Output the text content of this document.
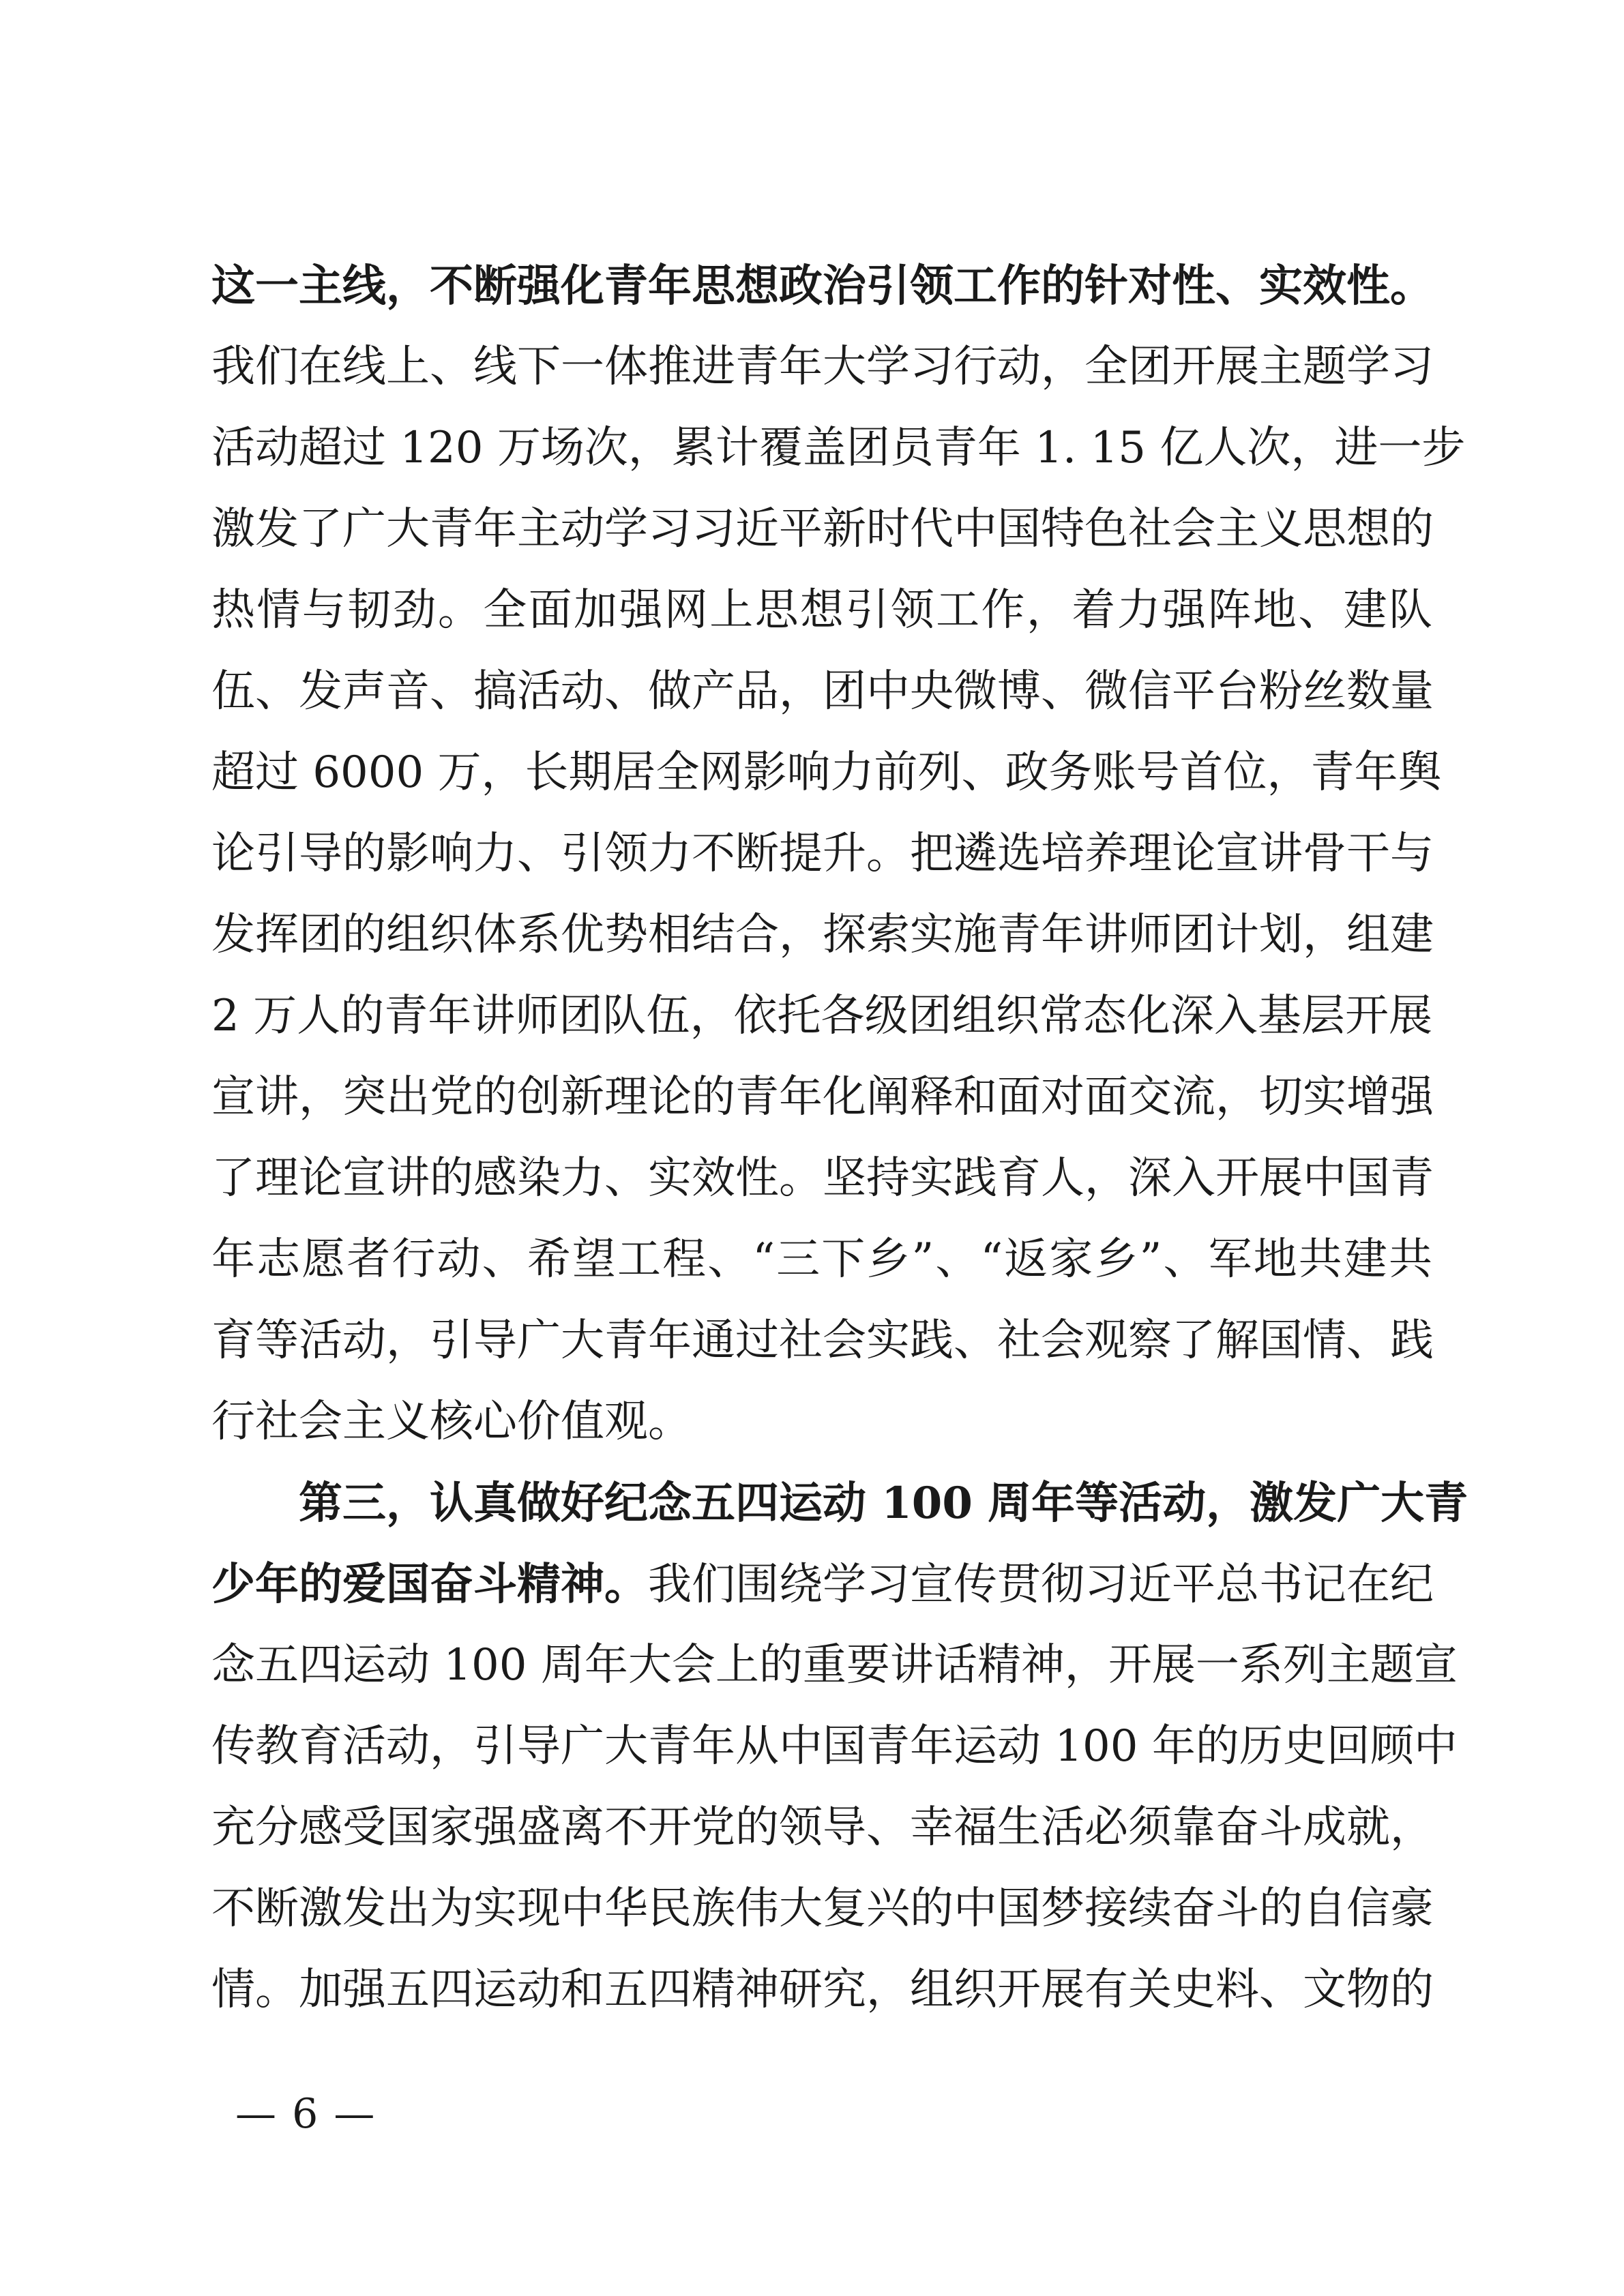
这一主线，不断强化青年思想政治引领工作的针对性、实效性。
我们在线上、线下一体推进青年大学习行动，全团开展主题学习
活动超过 120 万场次，累计覆盖团员青年 1. 15 亿人次，进一步
激发了广大青年主动学习习近平新时代中国特色社会主义思想的
热情与韧劲。全面加强网上思想引领工作，着力强阵地、建队
伍、发声音、搞活动、做产品，团中央微博、微信平台粉丝数量
超过 6000 万，长期居全网影响力前列、政务账号首位，青年舆
论引导的影响力、引领力不断提升。把遴选培养理论宣讲骨干与
发挥团的组织体系优势相结合，探索实施青年讲师团计划，组建
2 万人的青年讲师团队伍，依托各级团组织常态化深入基层开展
宣讲，突出党的创新理论的青年化阐释和面对面交流，切实增强
了理论宣讲的感染力、实效性。坚持实践育人，深入开展中国青
年志愿者行动、希望工程、“三下乡”、“返家乡”、军地共建共
育等活动，引导广大青年通过社会实践、社会观察了解国情、践
行社会主义核心价值观。
第三，认真做好纪念五四运动 100 周年等活动，激发广大青
少年的爱国奋斗精神。我们围绕学习宣传贯彻习近平总书记在纪
念五四运动 100 周年大会上的重要讲话精神，开展一系列主题宣
传教育活动，引导广大青年从中国青年运动 100 年的历史回顾中
充分感受国家强盛离不开党的领导、幸福生活必须靠奋斗成就，
不断激发出为实现中华民族伟大复兴的中国梦接续奋斗的自信豪
情。加强五四运动和五四精神研究，组织开展有关史料、文物的
— 6 —
